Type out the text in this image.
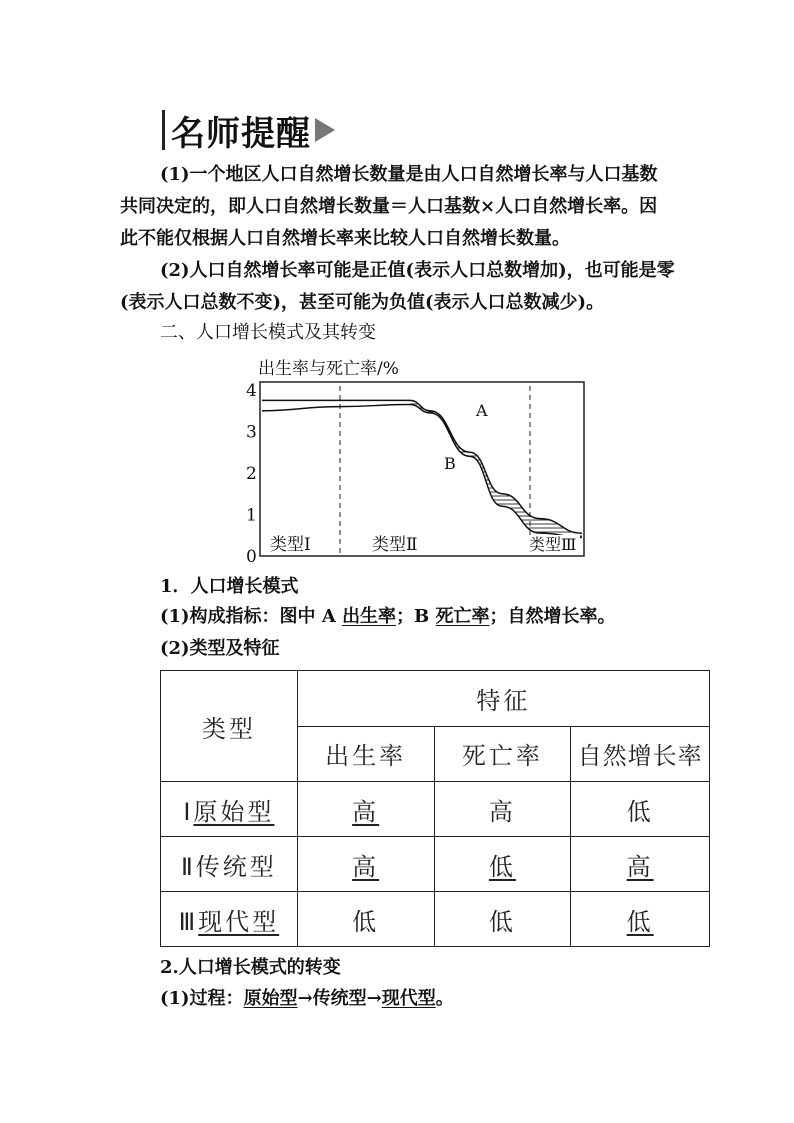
名师提醒
(1)一个地区人口自然增长数量是由人口自然增长率与人口基数
共同决定的，即人口自然增长数量＝人口基数×人口自然增长率。因
此不能仅根据人口自然增长率来比较人口自然增长数量。
(2)人口自然增长率可能是正值(表示人口总数增加)，也可能是零
(表示人口总数不变)，甚至可能为负值(表示人口总数减少)。
二、人口增长模式及其转变
出生率与死亡率/%
0
1
2
3
4
A
B
类型Ⅰ	类型Ⅱ	类型Ⅲ
1．人口增长模式
(1)构成指标：图中 A 出生率；B 死亡率；自然增长率。
(2)类型及特征
类型	特征		
	出生率	死亡率	自然增长率
Ⅰ原始型	高	高	低
Ⅱ传统型	高	低	高
Ⅲ现代型	低	低	低
2.人口增长模式的转变
(1)过程：原始型→传统型→现代型。
